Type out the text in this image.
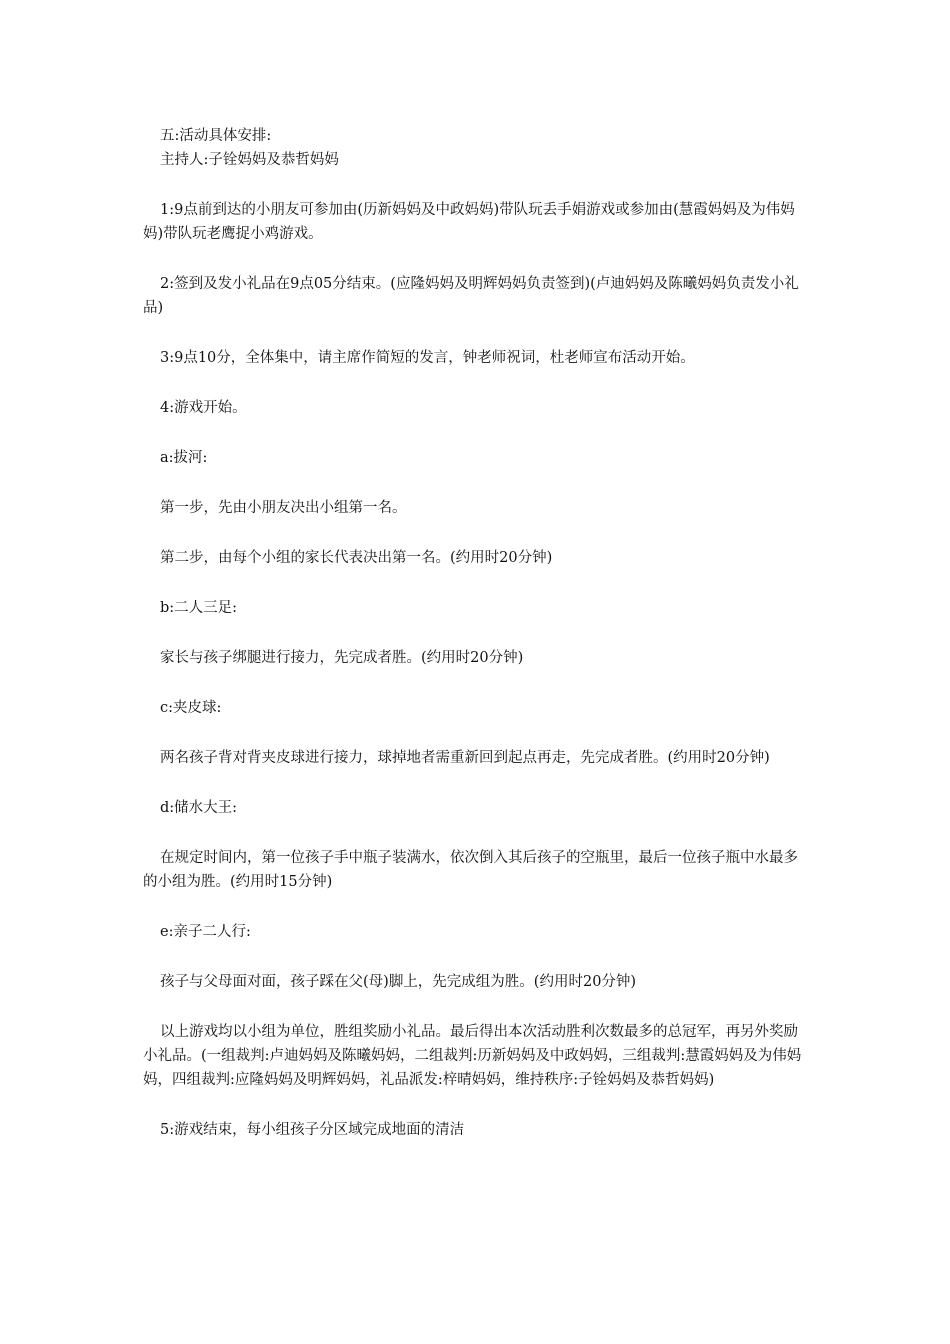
五:活动具体安排:

主持人:子铨妈妈及恭哲妈妈

1:9点前到达的小朋友可参加由(历新妈妈及中政妈妈)带队玩丢手娟游戏或参加由(慧霞妈妈及为伟妈妈)带队玩老鹰捉小鸡游戏。

2:签到及发小礼品在9点05分结束。(应隆妈妈及明辉妈妈负责签到)(卢迪妈妈及陈曦妈妈负责发小礼品)

3:9点10分，全体集中，请主席作简短的发言，钟老师祝词，杜老师宣布活动开始。

4:游戏开始。

a:拔河:

第一步，先由小朋友决出小组第一名。

第二步，由每个小组的家长代表决出第一名。(约用时20分钟)

b:二人三足:

家长与孩子绑腿进行接力，先完成者胜。(约用时20分钟)

c:夹皮球:

两名孩子背对背夹皮球进行接力，球掉地者需重新回到起点再走，先完成者胜。(约用时20分钟)

d:储水大王:

在规定时间内，第一位孩子手中瓶子装满水，依次倒入其后孩子的空瓶里，最后一位孩子瓶中水最多的小组为胜。(约用时15分钟)

e:亲子二人行:

孩子与父母面对面，孩子踩在父(母)脚上，先完成组为胜。(约用时20分钟)

以上游戏均以小组为单位，胜组奖励小礼品。最后得出本次活动胜利次数最多的总冠军，再另外奖励小礼品。(一组裁判:卢迪妈妈及陈曦妈妈，二组裁判:历新妈妈及中政妈妈，三组裁判:慧霞妈妈及为伟妈妈，四组裁判:应隆妈妈及明辉妈妈，礼品派发:梓晴妈妈，维持秩序:子铨妈妈及恭哲妈妈)

5:游戏结束，每小组孩子分区域完成地面的清洁
